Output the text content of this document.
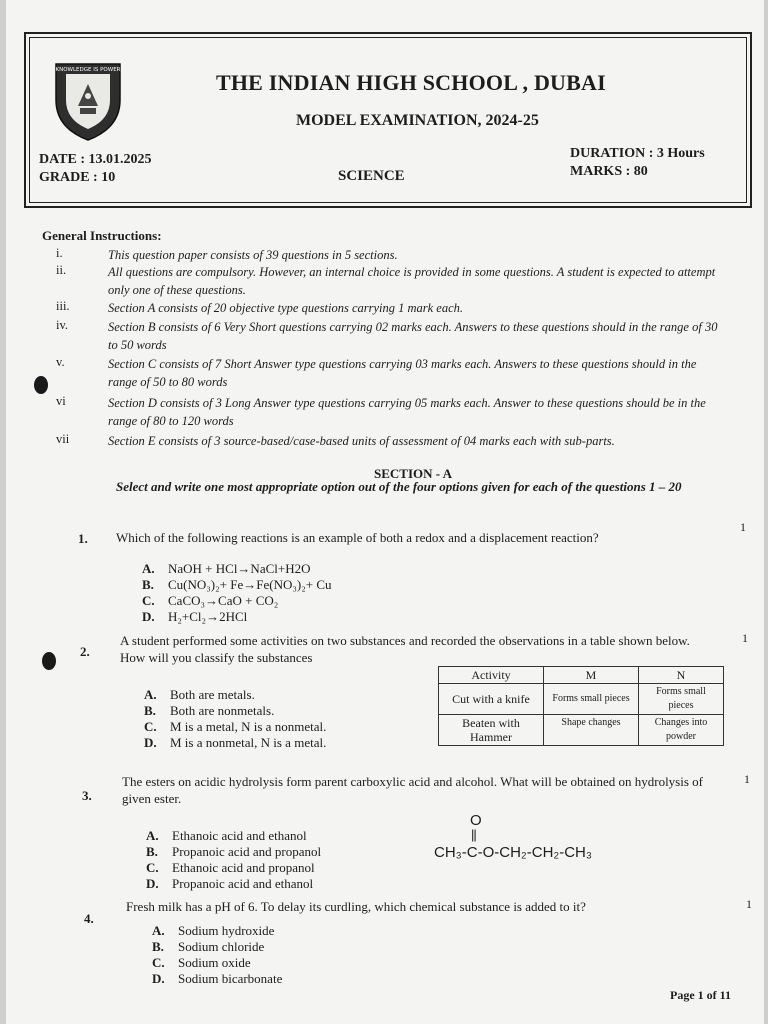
KNOWLEDGE IS POWER	THE INDIAN HIGH SCHOOL , DUBAI
MODEL EXAMINATION, 2024-25
DATE : 13.01.2025
GRADE : 10	SCIENCE
DURATION : 3 Hours
MARKS : 80
General Instructions:
i.	This question paper consists of 39 questions in 5 sections.
ii.	All questions are compulsory. However, an internal choice is provided in some questions. A student is expected to attempt only one of these questions.
iii.	Section A consists of 20 objective type questions carrying 1 mark each.
iv.	Section B consists of 6 Very Short questions carrying 02 marks each. Answers to these questions should in the range of 30 to 50 words
v.	Section C consists of 7 Short Answer type questions carrying 03 marks each. Answers to these questions should in the range of 50 to 80 words
vi	Section D consists of 3 Long Answer type questions carrying 05 marks each. Answer to these questions should be in the range of 80 to 120 words
vii	Section E consists of 3 source-based/case-based units of assessment of 04 marks each with sub-parts.
SECTION - A
Select and write one most appropriate option out of the four options given for each of the questions 1 – 20
1. Which of the following reactions is an example of both a redox and a displacement reaction?
1
A. NaOH + HCl→NaCl+H2O
B. Cu(NO₃)₂+ Fe→Fe(NO₃)₂+ Cu
C. CaCO₃→CaO + CO₂
D. H₂+Cl₂→2HCl
2.
A student performed some activities on two substances and recorded the observations in a table shown below. How will you classify the substances
1
A. Both are metals.
B. Both are nonmetals.
C. M is a metal, N is a nonmetal.
D. M is a nonmetal, N is a metal.
Activity	M	N
Cut with a knife	Forms small pieces	Forms small pieces
Beaten with Hammer	Shape changes	Changes into powder
3.
The esters on acidic hydrolysis form parent carboxylic acid and alcohol. What will be obtained on hydrolysis of given ester.
1
A. Ethanoic acid and ethanol
B. Propanoic acid and propanol
C. Ethanoic acid and propanol
D. Propanoic acid and ethanol
O
||
CH₃-C-O-CH₂-CH₂-CH₃
4.
Fresh milk has a pH of 6. To delay its curdling, which chemical substance is added to it?	1
A. Sodium hydroxide
B. Sodium chloride
C. Sodium oxide
D. Sodium bicarbonate
Page 1 of 11
